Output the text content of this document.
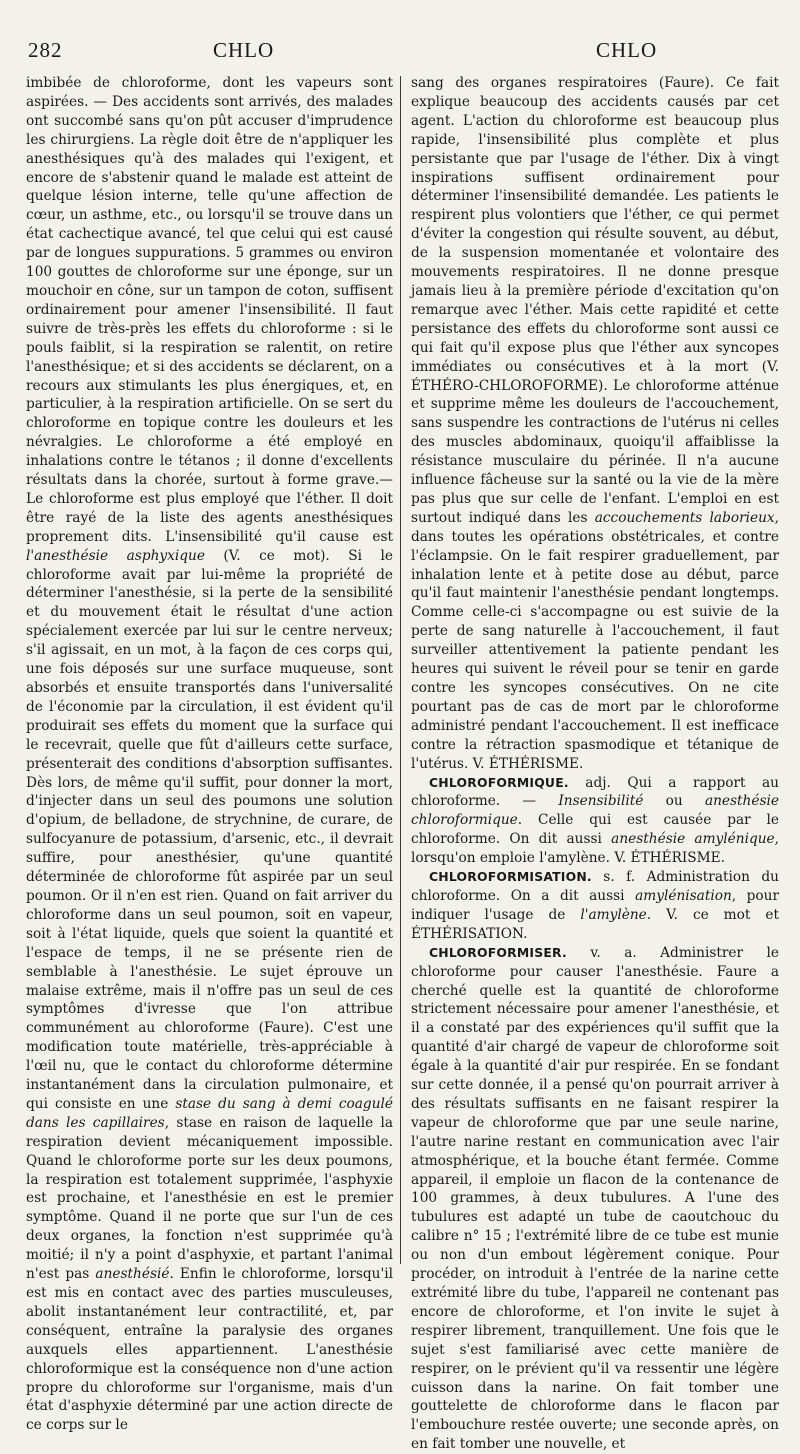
282	CHLO	CHLO

imbibée de chloroforme, dont les vapeurs sont aspirées. — Des accidents sont arrivés, des malades ont succombé sans qu'on pût accuser d'imprudence les chirurgiens. La règle doit être de n'appliquer les anesthésiques qu'à des malades qui l'exigent, et encore de s'abstenir quand le malade est atteint de quelque lésion interne, telle qu'une affection de cœur, un asthme, etc., ou lorsqu'il se trouve dans un état cachectique avancé, tel que celui qui est causé par de longues suppurations. 5 grammes ou environ 100 gouttes de chloroforme sur une éponge, sur un mouchoir en cône, sur un tampon de coton, suffisent ordinairement pour amener l'insensibilité. Il faut suivre de très-près les effets du chloroforme : si le pouls faiblit, si la respiration se ralentit, on retire l'anesthésique; et si des accidents se déclarent, on a recours aux stimulants les plus énergiques, et, en particulier, à la respiration artificielle. On se sert du chloroforme en topique contre les douleurs et les névralgies. Le chloroforme a été employé en inhalations contre le tétanos ; il donne d'excellents résultats dans la chorée, surtout à forme grave.— Le chloroforme est plus employé que l'éther. Il doit être rayé de la liste des agents anesthésiques proprement dits. L'insensibilité qu'il cause est l'anesthésie asphyxique (V. ce mot). Si le chloroforme avait par lui-même la propriété de déterminer l'anesthésie, si la perte de la sensibilité et du mouvement était le résultat d'une action spécialement exercée par lui sur le centre nerveux; s'il agissait, en un mot, à la façon de ces corps qui, une fois déposés sur une surface muqueuse, sont absorbés et ensuite transportés dans l'universalité de l'économie par la circulation, il est évident qu'il produirait ses effets du moment que la surface qui le recevrait, quelle que fût d'ailleurs cette surface, présenterait des conditions d'absorption suffisantes. Dès lors, de même qu'il suffit, pour donner la mort, d'injecter dans un seul des poumons une solution d'opium, de belladone, de strychnine, de curare, de sulfocyanure de potassium, d'arsenic, etc., il devrait suffire, pour anesthésier, qu'une quantité déterminée de chloroforme fût aspirée par un seul poumon. Or il n'en est rien. Quand on fait arriver du chloroforme dans un seul poumon, soit en vapeur, soit à l'état liquide, quels que soient la quantité et l'espace de temps, il ne se présente rien de semblable à l'anesthésie. Le sujet éprouve un malaise extrême, mais il n'offre pas un seul de ces symptômes d'ivresse que l'on attribue communément au chloroforme (Faure). C'est une modification toute matérielle, très-appréciable à l'œil nu, que le contact du chloroforme détermine instantanément dans la circulation pulmonaire, et qui consiste en une stase du sang à demi coagulé dans les capillaires, stase en raison de laquelle la respiration devient mécaniquement impossible. Quand le chloroforme porte sur les deux poumons, la respiration est totalement supprimée, l'asphyxie est prochaine, et l'anesthésie en est le premier symptôme. Quand il ne porte que sur l'un de ces deux organes, la fonction n'est supprimée qu'à moitié; il n'y a point d'asphyxie, et partant l'animal n'est pas anesthésié. Enfin le chloroforme, lorsqu'il est mis en contact avec des parties musculeuses, abolit instantanément leur contractilité, et, par conséquent, entraîne la paralysie des organes auxquels elles appartiennent. L'anesthésie chloroformique est la conséquence non d'une action propre du chloroforme sur l'organisme, mais d'un état d'asphyxie déterminé par une action directe de ce corps sur le

sang des organes respiratoires (Faure). Ce fait explique beaucoup des accidents causés par cet agent. L'action du chloroforme est beaucoup plus rapide, l'insensibilité plus complète et plus persistante que par l'usage de l'éther. Dix à vingt inspirations suffisent ordinairement pour déterminer l'insensibilité demandée. Les patients le respirent plus volontiers que l'éther, ce qui permet d'éviter la congestion qui résulte souvent, au début, de la suspension momentanée et volontaire des mouvements respiratoires. Il ne donne presque jamais lieu à la première période d'excitation qu'on remarque avec l'éther. Mais cette rapidité et cette persistance des effets du chloroforme sont aussi ce qui fait qu'il expose plus que l'éther aux syncopes immédiates ou consécutives et à la mort (V. ÉTHÉRO-CHLOROFORME). Le chloroforme atténue et supprime même les douleurs de l'accouchement, sans suspendre les contractions de l'utérus ni celles des muscles abdominaux, quoiqu'il affaiblisse la résistance musculaire du périnée. Il n'a aucune influence fâcheuse sur la santé ou la vie de la mère pas plus que sur celle de l'enfant. L'emploi en est surtout indiqué dans les accouchements laborieux, dans toutes les opérations obstétricales, et contre l'éclampsie. On le fait respirer graduellement, par inhalation lente et à petite dose au début, parce qu'il faut maintenir l'anesthésie pendant longtemps. Comme celle-ci s'accompagne ou est suivie de la perte de sang naturelle à l'accouchement, il faut surveiller attentivement la patiente pendant les heures qui suivent le réveil pour se tenir en garde contre les syncopes consécutives. On ne cite pourtant pas de cas de mort par le chloroforme administré pendant l'accouchement. Il est inefficace contre la rétraction spasmodique et tétanique de l'utérus. V. ÉTHÉRISME.

CHLOROFORMIQUE. adj. Qui a rapport au chloroforme. — Insensibilité ou anesthésie chloroformique. Celle qui est causée par le chloroforme. On dit aussi anesthésie amylénique, lorsqu'on emploie l'amylène. V. ÉTHÉRISME.

CHLOROFORMISATION. s. f. Administration du chloroforme. On a dit aussi amylénisation, pour indiquer l'usage de l'amylène. V. ce mot et ÉTHÉRISATION.

CHLOROFORMISER. v. a. Administrer le chloroforme pour causer l'anesthésie. Faure a cherché quelle est la quantité de chloroforme strictement nécessaire pour amener l'anesthésie, et il a constaté par des expériences qu'il suffit que la quantité d'air chargé de vapeur de chloroforme soit égale à la quantité d'air pur respirée. En se fondant sur cette donnée, il a pensé qu'on pourrait arriver à des résultats suffisants en ne faisant respirer la vapeur de chloroforme que par une seule narine, l'autre narine restant en communication avec l'air atmosphérique, et la bouche étant fermée. Comme appareil, il emploie un flacon de la contenance de 100 grammes, à deux tubulures. A l'une des tubulures est adapté un tube de caoutchouc du calibre n° 15 ; l'extrémité libre de ce tube est munie ou non d'un embout légèrement conique. Pour procéder, on introduit à l'entrée de la narine cette extrémité libre du tube, l'appareil ne contenant pas encore de chloroforme, et l'on invite le sujet à respirer librement, tranquillement. Une fois que le sujet s'est familiarisé avec cette manière de respirer, on le prévient qu'il va ressentir une légère cuisson dans la narine. On fait tomber une gouttelette de chloroforme dans le flacon par l'embouchure restée ouverte; une seconde après, on en fait tomber une nouvelle, et
